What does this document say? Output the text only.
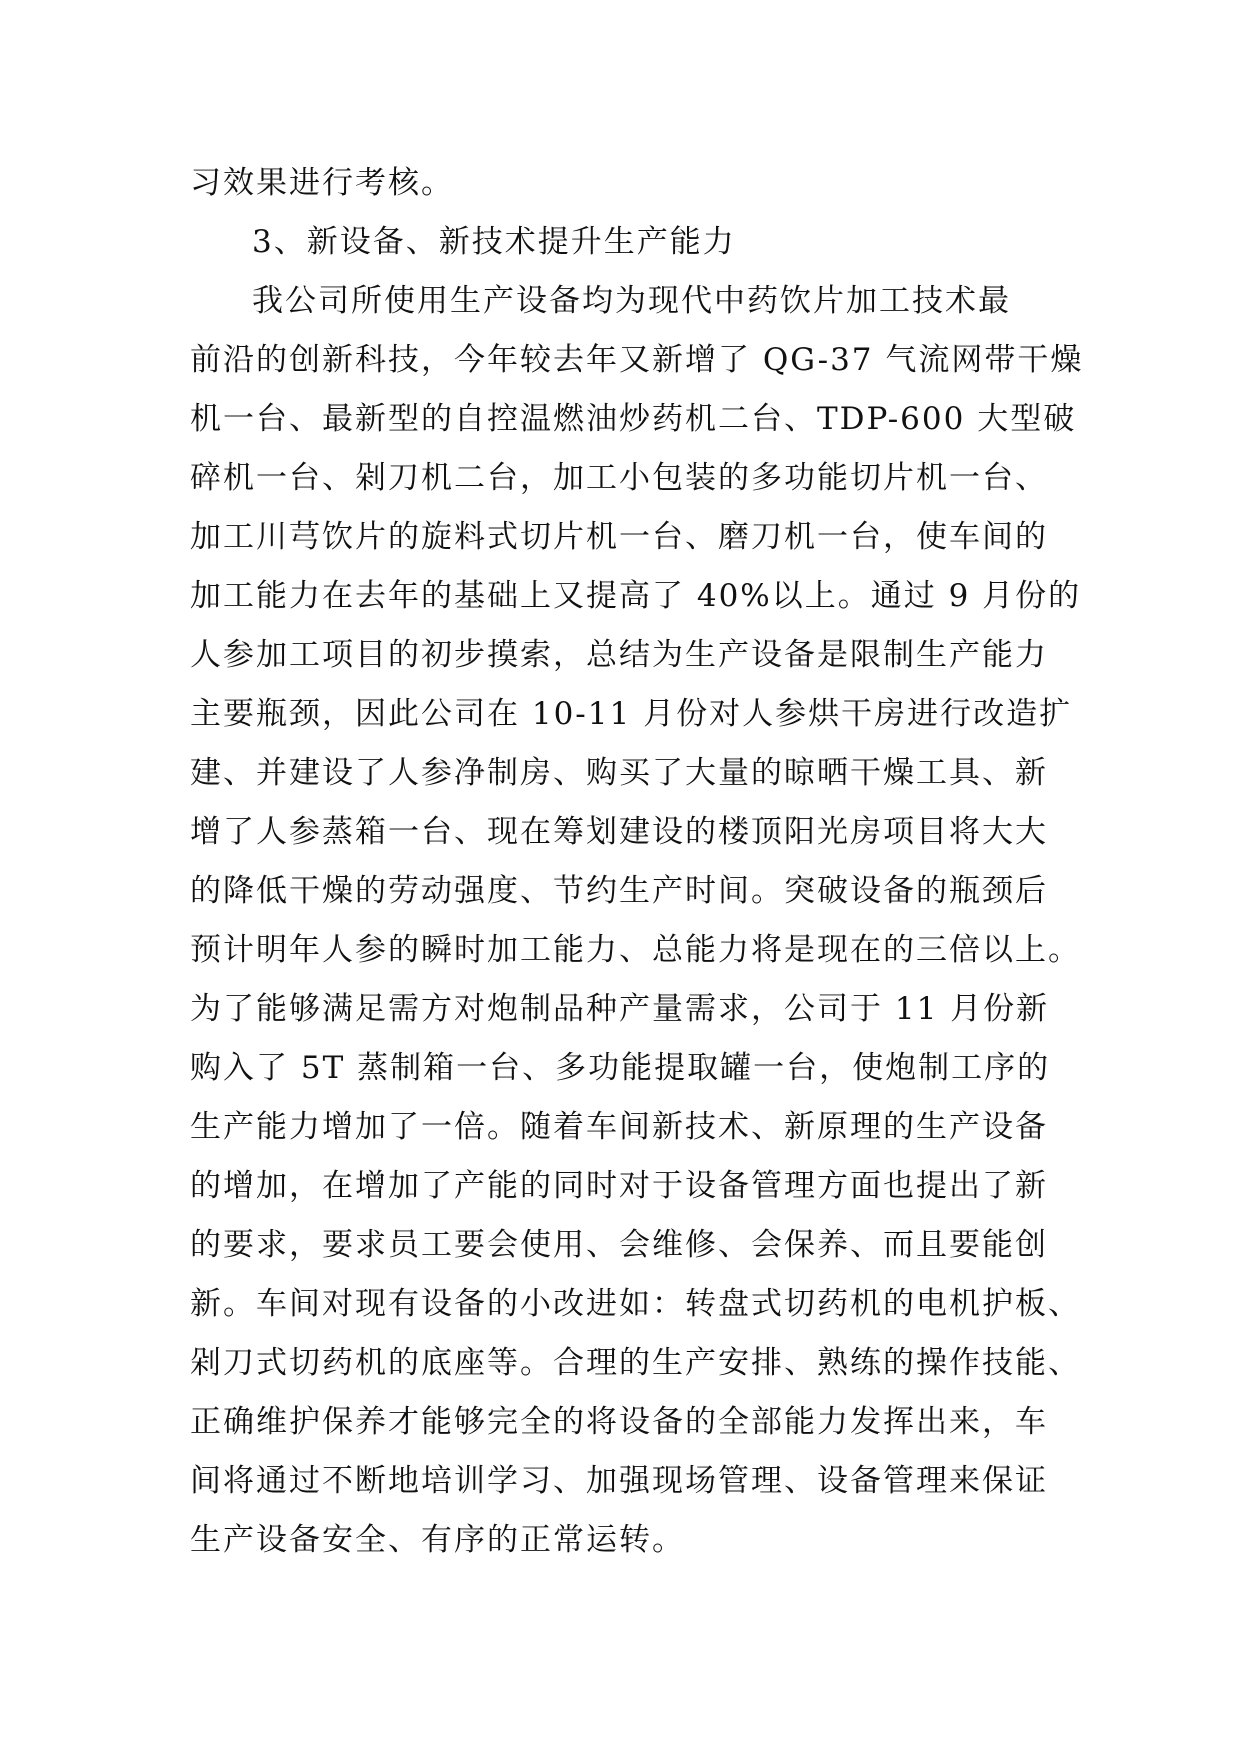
习效果进行考核。
3、新设备、新技术提升生产能力
我公司所使用生产设备均为现代中药饮片加工技术最
前沿的创新科技，今年较去年又新增了 QG-37 气流网带干燥
机一台、最新型的自控温燃油炒药机二台、TDP-600 大型破
碎机一台、剁刀机二台，加工小包装的多功能切片机一台、
加工川芎饮片的旋料式切片机一台、磨刀机一台，使车间的
加工能力在去年的基础上又提高了 40%以上。通过 9 月份的
人参加工项目的初步摸索，总结为生产设备是限制生产能力
主要瓶颈，因此公司在 10-11 月份对人参烘干房进行改造扩
建、并建设了人参净制房、购买了大量的晾晒干燥工具、新
增了人参蒸箱一台、现在筹划建设的楼顶阳光房项目将大大
的降低干燥的劳动强度、节约生产时间。突破设备的瓶颈后
预计明年人参的瞬时加工能力、总能力将是现在的三倍以上。
为了能够满足需方对炮制品种产量需求，公司于 11 月份新
购入了 5T 蒸制箱一台、多功能提取罐一台，使炮制工序的
生产能力增加了一倍。随着车间新技术、新原理的生产设备
的增加，在增加了产能的同时对于设备管理方面也提出了新
的要求，要求员工要会使用、会维修、会保养、而且要能创
新。车间对现有设备的小改进如：转盘式切药机的电机护板、
剁刀式切药机的底座等。合理的生产安排、熟练的操作技能、
正确维护保养才能够完全的将设备的全部能力发挥出来，车
间将通过不断地培训学习、加强现场管理、设备管理来保证
生产设备安全、有序的正常运转。
